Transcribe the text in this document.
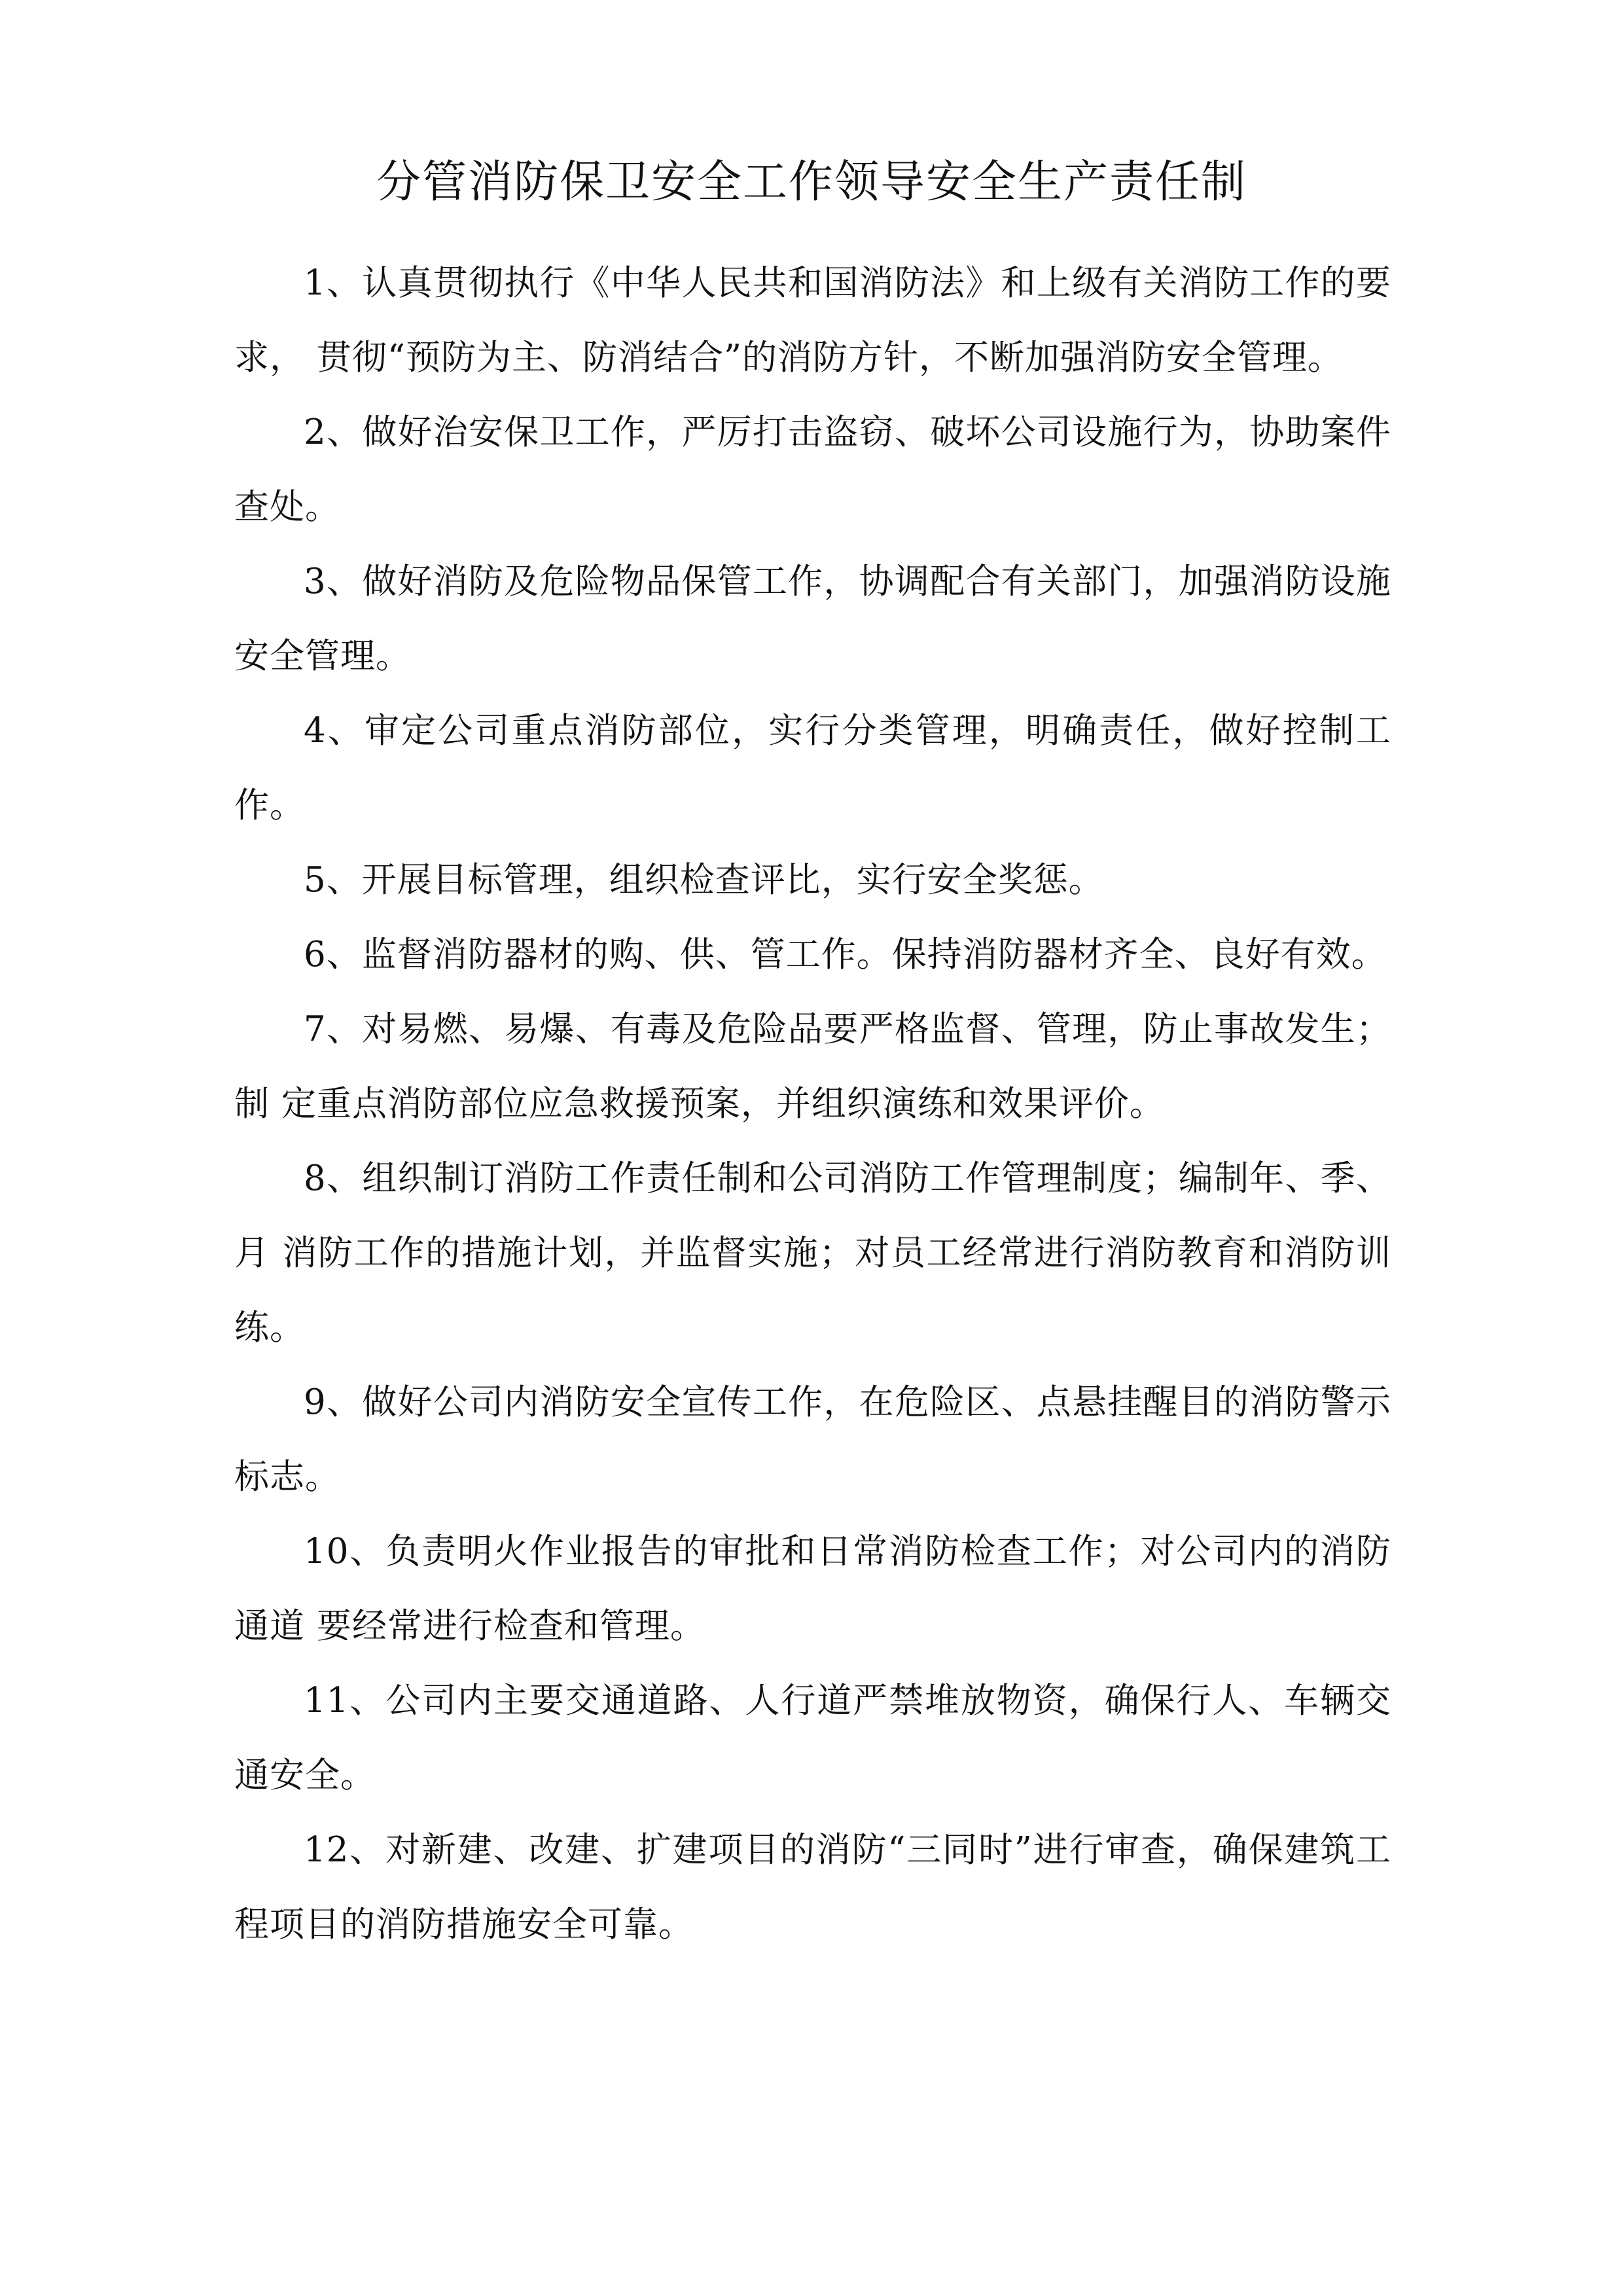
分管消防保卫安全工作领导安全生产责任制

1、认真贯彻执行《中华人民共和国消防法》和上级有关消防工作的要求， 贯彻“预防为主、防消结合”的消防方针，不断加强消防安全管理。

2、做好治安保卫工作，严厉打击盗窃、破坏公司设施行为，协助案件查处。

3、做好消防及危险物品保管工作，协调配合有关部门，加强消防设施安全管理。

4、审定公司重点消防部位，实行分类管理，明确责任，做好控制工作。

5、开展目标管理，组织检查评比，实行安全奖惩。

6、监督消防器材的购、供、管工作。保持消防器材齐全、良好有效。

7、对易燃、易爆、有毒及危险品要严格监督、管理，防止事故发生；制 定重点消防部位应急救援预案，并组织演练和效果评价。

8、组织制订消防工作责任制和公司消防工作管理制度；编制年、季、月 消防工作的措施计划，并监督实施；对员工经常进行消防教育和消防训练。

9、做好公司内消防安全宣传工作，在危险区、点悬挂醒目的消防警示标志。

10、负责明火作业报告的审批和日常消防检查工作；对公司内的消防通道 要经常进行检查和管理。

11、公司内主要交通道路、人行道严禁堆放物资，确保行人、车辆交通安全。

12、对新建、改建、扩建项目的消防“三同时”进行审查，确保建筑工程项目的消防措施安全可靠。
